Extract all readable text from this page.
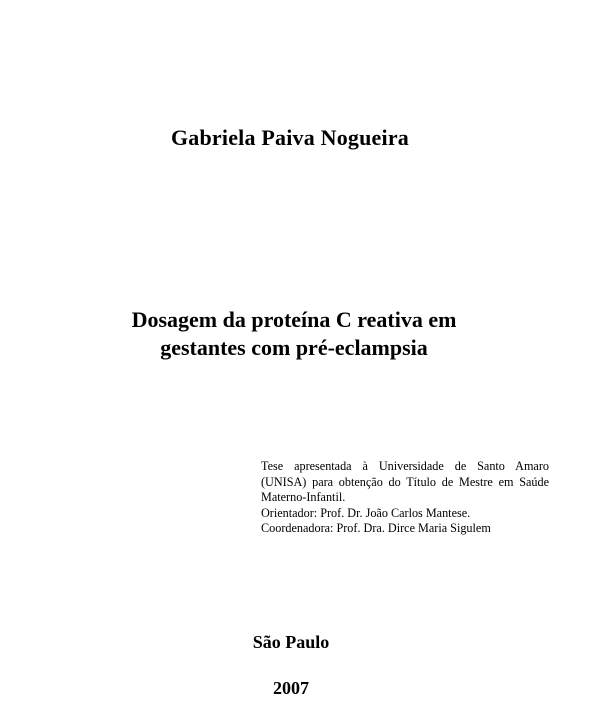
Gabriela Paiva Nogueira
Dosagem da proteína C reativa em
gestantes com pré-eclampsia
Tese apresentada à Universidade de Santo Amaro (UNISA) para obtenção do Título de Mestre em Saúde Materno-Infantil.
Orientador: Prof. Dr. João Carlos Mantese.
Coordenadora: Prof. Dra. Dirce Maria Sigulem
São Paulo
2007
